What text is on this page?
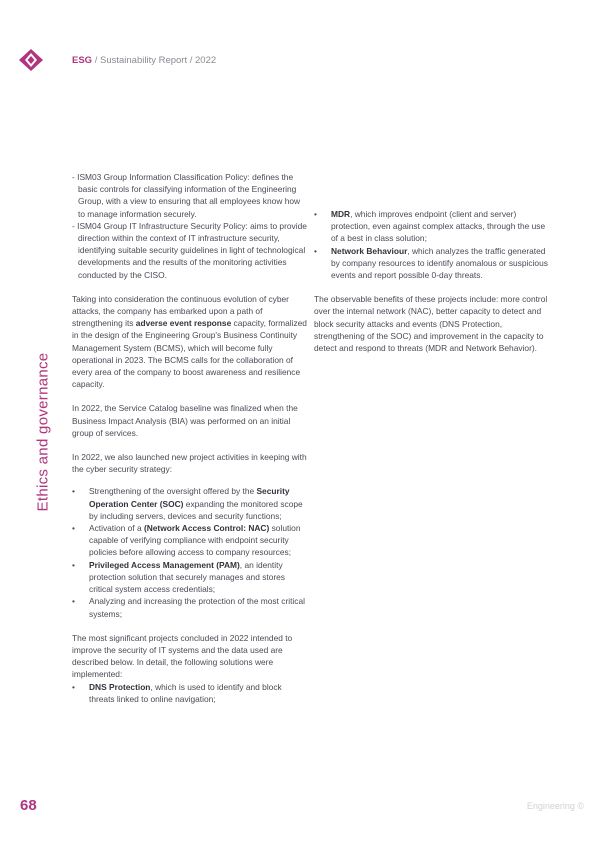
ESG / Sustainability Report / 2022
Ethics and governance

- ISM03 Group Information Classification Policy: defines the basic controls for classifying information of the Engineering Group, with a view to ensuring that all employees know how to manage information securely.

- ISM04 Group IT Infrastructure Security Policy: aims to provide direction within the context of IT infrastructure security, identifying suitable security guidelines in light of technological developments and the results of the monitoring activities conducted by the CISO.

Taking into consideration the continuous evolution of cyber attacks, the company has embarked upon a path of strengthening its adverse event response capacity, formalized in the design of the Engineering Group's Business Continuity Management System (BCMS), which will become fully operational in 2023. The BCMS calls for the collaboration of every area of the company to boost awareness and resilience capacity.

In 2022, the Service Catalog baseline was finalized when the Business Impact Analysis (BIA) was performed on an initial group of services.

In 2022, we also launched new project activities in keeping with the cyber security strategy:

• Strengthening of the oversight offered by the Security Operation Center (SOC) expanding the monitored scope by including servers, devices and security functions;

• Activation of a (Network Access Control: NAC) solution capable of verifying compliance with endpoint security policies before allowing access to company resources;

• Privileged Access Management (PAM), an identity protection solution that securely manages and stores critical system access credentials;

• Analyzing and increasing the protection of the most critical systems;

The most significant projects concluded in 2022 intended to improve the security of IT systems and the data used are described below. In detail, the following solutions were implemented:

• DNS Protection, which is used to identify and block threats linked to online navigation;

• MDR, which improves endpoint (client and server) protection, even against complex attacks, through the use of a best in class solution;

• Network Behaviour, which analyzes the traffic generated by company resources to identify anomalous or suspicious events and report possible 0-day threats.

The observable benefits of these projects include: more control over the internal network (NAC), better capacity to detect and block security attacks and events (DNS Protection, strengthening of the SOC) and improvement in the capacity to detect and respond to threats (MDR and Network Behavior).

68	Engineering ©
